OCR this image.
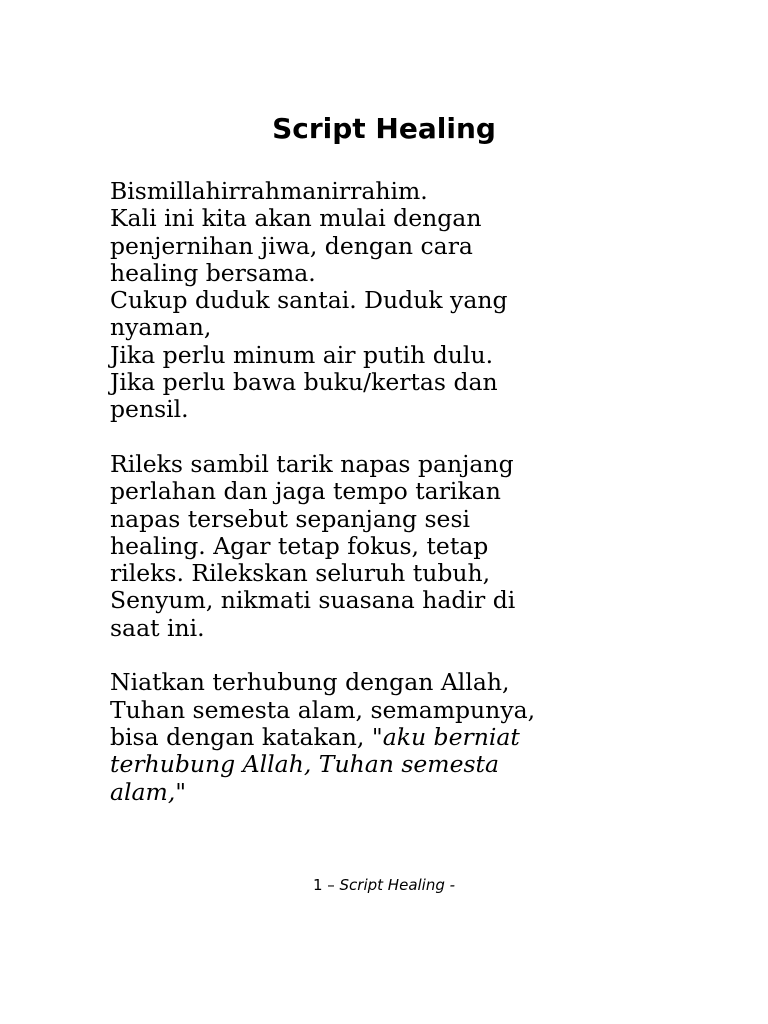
Script Healing
Bismillahirrahmanirrahim.
Kali ini kita akan mulai dengan
penjernihan jiwa, dengan cara
healing bersama.
Cukup duduk santai. Duduk yang
nyaman,
Jika perlu minum air putih dulu.
Jika perlu bawa buku/kertas dan
pensil.
Rileks sambil tarik napas panjang
perlahan dan jaga tempo tarikan
napas tersebut sepanjang sesi
healing. Agar tetap fokus, tetap
rileks. Rilekskan seluruh tubuh,
Senyum, nikmati suasana hadir di
saat ini.
Niatkan terhubung dengan Allah,
Tuhan semesta alam, semampunya,
bisa dengan katakan, "aku berniat
terhubung Allah, Tuhan semesta
alam,"
1 – Script Healing -
